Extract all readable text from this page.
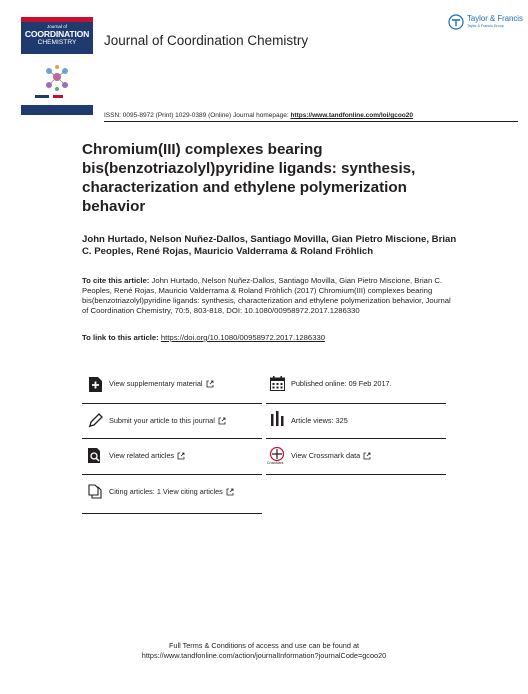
Journal of
COORDINATION
CHEMISTRY	Journal of Coordination Chemistry
Taylor & Francis
Taylor & Francis Group
ISSN: 0095-8972 (Print) 1029-0389 (Online) Journal homepage: https://www.tandfonline.com/loi/gcoo20
Chromium(III) complexes bearing bis(benzotriazolyl)pyridine ligands: synthesis, characterization and ethylene polymerization behavior
John Hurtado, Nelson Nuñez-Dallos, Santiago Movilla, Gian Pietro Miscione, Brian C. Peoples, René Rojas, Mauricio Valderrama & Roland Fröhlich
To cite this article: John Hurtado, Nelson Nuñez-Dallos, Santiago Movilla, Gian Pietro Miscione, Brian C. Peoples, René Rojas, Mauricio Valderrama & Roland Fröhlich (2017) Chromium(III) complexes bearing bis(benzotriazolyl)pyridine ligands: synthesis, characterization and ethylene polymerization behavior, Journal of Coordination Chemistry, 70:5, 803-818, DOI: 10.1080/00958972.2017.1286330
To link to this article: https://doi.org/10.1080/00958972.2017.1286330
View supplementary material
Submit your article to this journal
View related articles
Citing articles: 1 View citing articles
Published online: 09 Feb 2017.
Article views: 325
CrossMark
View Crossmark data
Full Terms & Conditions of access and use can be found at
https://www.tandfonline.com/action/journalInformation?journalCode=gcoo20
